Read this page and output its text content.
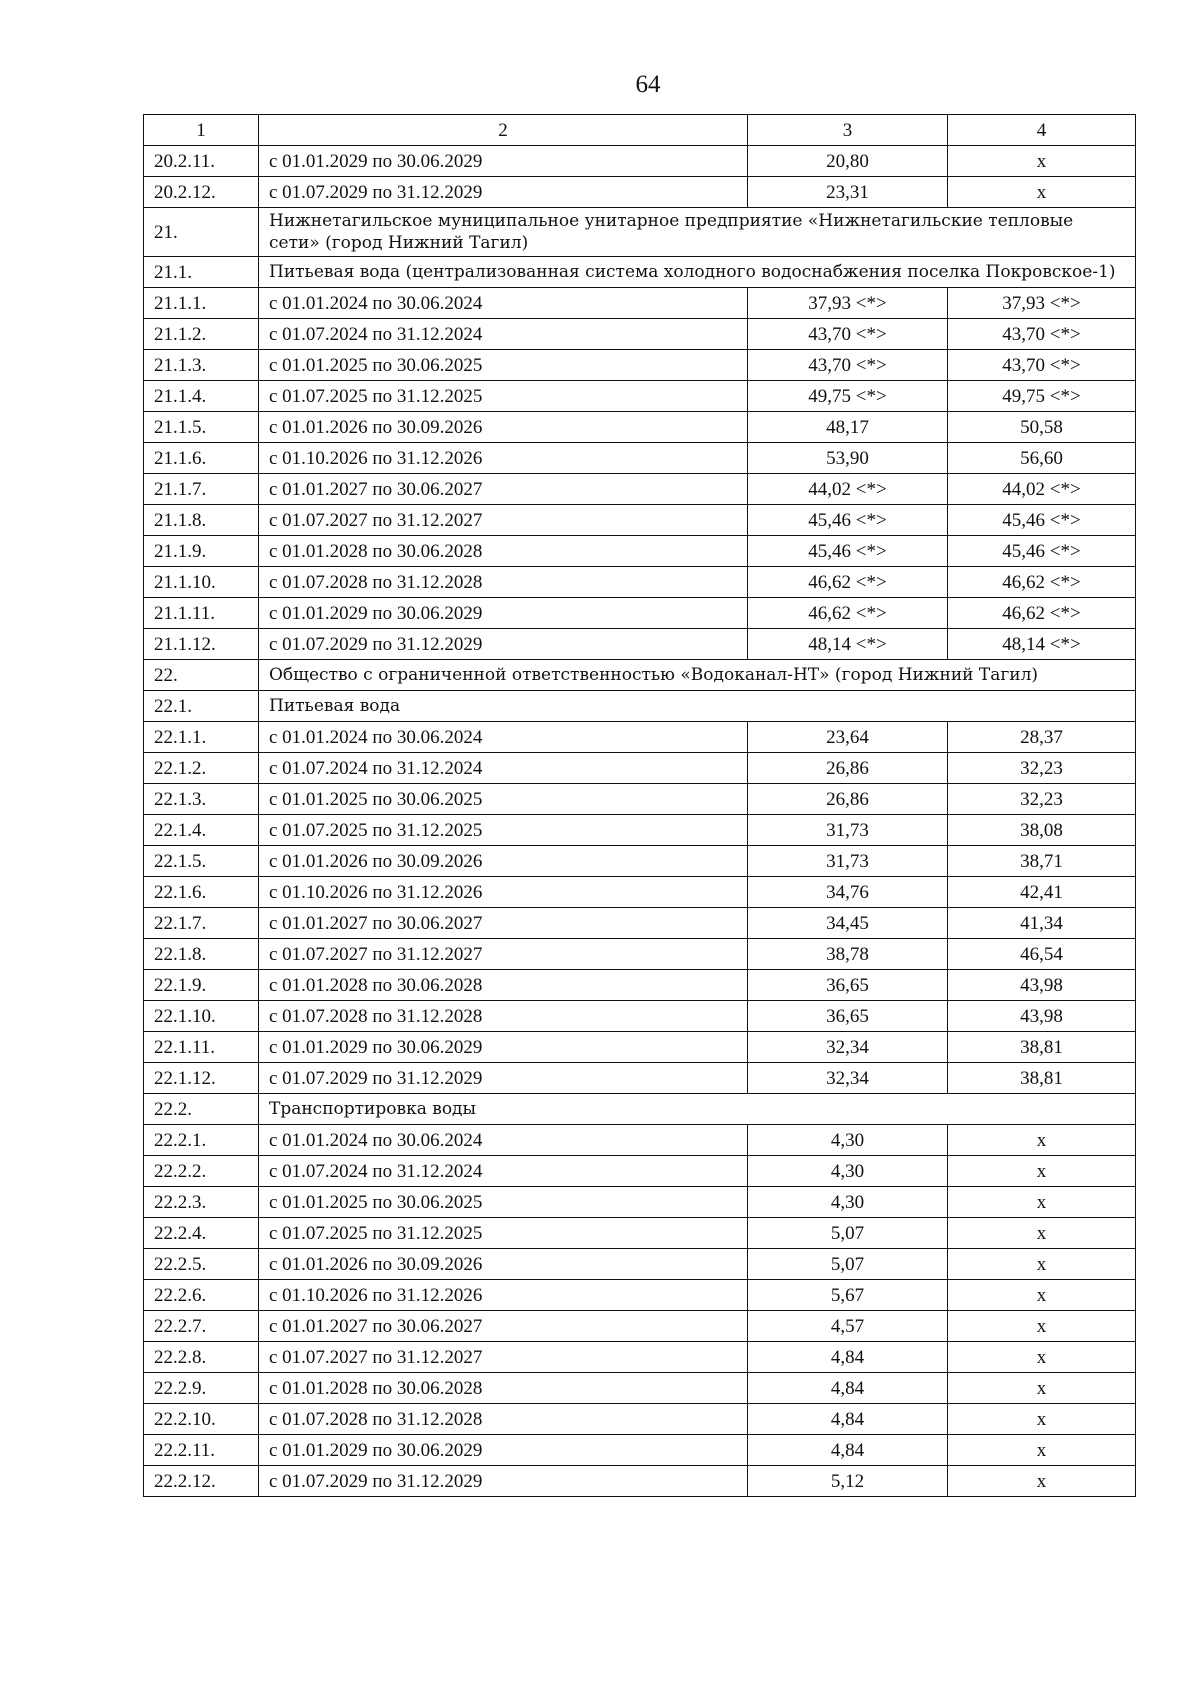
64
1	2	3	4
20.2.11.	с 01.01.2029 по 30.06.2029	20,80	х
20.2.12.	с 01.07.2029 по 31.12.2029	23,31	х
21.	Нижнетагильское муниципальное унитарное предприятие «Нижнетагильские тепловые сети» (город Нижний Тагил)		
21.1.	Питьевая вода (централизованная система холодного водоснабжения поселка Покровское-1)		
21.1.1.	с 01.01.2024 по 30.06.2024	37,93 <*>	37,93 <*>
21.1.2.	с 01.07.2024 по 31.12.2024	43,70 <*>	43,70 <*>
21.1.3.	с 01.01.2025 по 30.06.2025	43,70 <*>	43,70 <*>
21.1.4.	с 01.07.2025 по 31.12.2025	49,75 <*>	49,75 <*>
21.1.5.	с 01.01.2026 по 30.09.2026	48,17	50,58
21.1.6.	с 01.10.2026 по 31.12.2026	53,90	56,60
21.1.7.	с 01.01.2027 по 30.06.2027	44,02 <*>	44,02 <*>
21.1.8.	с 01.07.2027 по 31.12.2027	45,46 <*>	45,46 <*>
21.1.9.	с 01.01.2028 по 30.06.2028	45,46 <*>	45,46 <*>
21.1.10.	с 01.07.2028 по 31.12.2028	46,62 <*>	46,62 <*>
21.1.11.	с 01.01.2029 по 30.06.2029	46,62 <*>	46,62 <*>
21.1.12.	с 01.07.2029 по 31.12.2029	48,14 <*>	48,14 <*>
22.	Общество с ограниченной ответственностью «Водоканал-НТ» (город Нижний Тагил)		
22.1.	Питьевая вода		
22.1.1.	с 01.01.2024 по 30.06.2024	23,64	28,37
22.1.2.	с 01.07.2024 по 31.12.2024	26,86	32,23
22.1.3.	с 01.01.2025 по 30.06.2025	26,86	32,23
22.1.4.	с 01.07.2025 по 31.12.2025	31,73	38,08
22.1.5.	с 01.01.2026 по 30.09.2026	31,73	38,71
22.1.6.	с 01.10.2026 по 31.12.2026	34,76	42,41
22.1.7.	с 01.01.2027 по 30.06.2027	34,45	41,34
22.1.8.	с 01.07.2027 по 31.12.2027	38,78	46,54
22.1.9.	с 01.01.2028 по 30.06.2028	36,65	43,98
22.1.10.	с 01.07.2028 по 31.12.2028	36,65	43,98
22.1.11.	с 01.01.2029 по 30.06.2029	32,34	38,81
22.1.12.	с 01.07.2029 по 31.12.2029	32,34	38,81
22.2.	Транспортировка воды		
22.2.1.	с 01.01.2024 по 30.06.2024	4,30	х
22.2.2.	с 01.07.2024 по 31.12.2024	4,30	х
22.2.3.	с 01.01.2025 по 30.06.2025	4,30	х
22.2.4.	с 01.07.2025 по 31.12.2025	5,07	х
22.2.5.	с 01.01.2026 по 30.09.2026	5,07	х
22.2.6.	с 01.10.2026 по 31.12.2026	5,67	х
22.2.7.	с 01.01.2027 по 30.06.2027	4,57	х
22.2.8.	с 01.07.2027 по 31.12.2027	4,84	х
22.2.9.	с 01.01.2028 по 30.06.2028	4,84	х
22.2.10.	с 01.07.2028 по 31.12.2028	4,84	х
22.2.11.	с 01.01.2029 по 30.06.2029	4,84	х
22.2.12.	с 01.07.2029 по 31.12.2029	5,12	х
